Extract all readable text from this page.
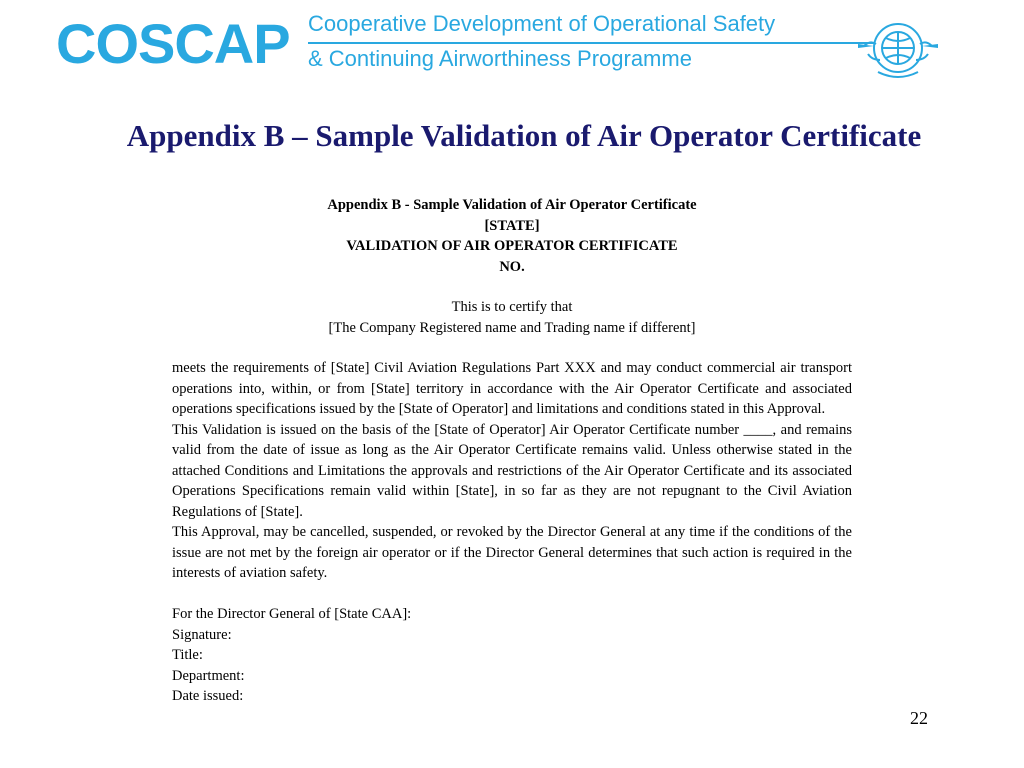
COSCAP Cooperative Development of Operational Safety
& Continuing Airworthiness Programme
Appendix B – Sample Validation of Air Operator Certificate
Appendix B - Sample Validation of Air Operator Certificate
[STATE]
VALIDATION OF AIR OPERATOR CERTIFICATE
NO.
This is to certify that
[The Company Registered name and Trading name if different]

meets the requirements of [State] Civil Aviation Regulations Part XXX and may conduct commercial air transport operations into, within, or from [State] territory in accordance with the Air Operator Certificate and associated operations specifications issued by the [State of Operator] and limitations and conditions stated in this Approval.

This Validation is issued on the basis of the [State of Operator] Air Operator Certificate number ____, and remains valid from the date of issue as long as the Air Operator Certificate remains valid. Unless otherwise stated in the attached Conditions and Limitations the approvals and restrictions of the Air Operator Certificate and its associated Operations Specifications remain valid within [State], in so far as they are not repugnant to the Civil Aviation Regulations of [State].

This Approval, may be cancelled, suspended, or revoked by the Director General at any time if the conditions of the issue are not met by the foreign air operator or if the Director General determines that such action is required in the interests of aviation safety.

For the Director General of [State CAA]:

Signature:

Title:

Department:

Date issued:

22
